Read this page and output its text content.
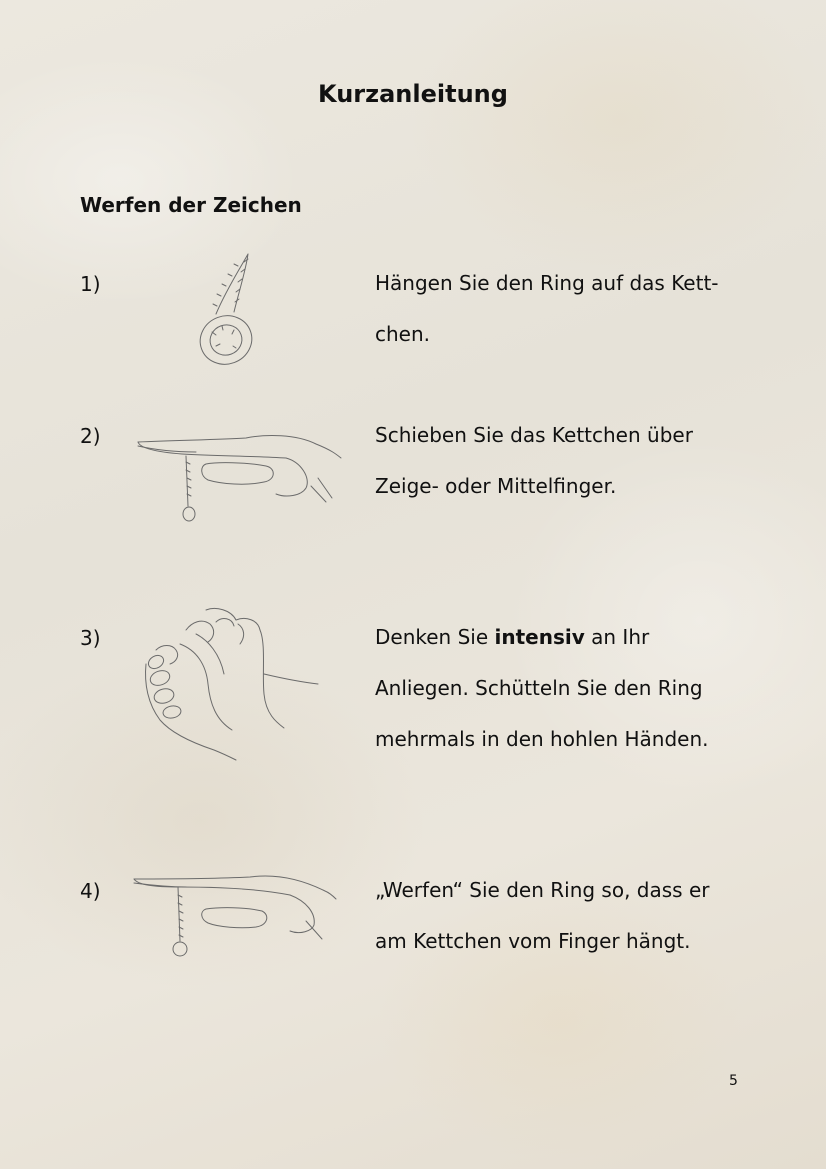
Kurzanleitung
Werfen der Zeichen
1)	Hängen Sie den Ring auf das Kett-
chen.
2)	Schieben Sie das Kettchen über
Zeige- oder Mittelfinger.
3)	Denken Sie intensiv an Ihr
Anliegen. Schütteln Sie den Ring
mehrmals in den hohlen Händen.
4)	„Werfen“ Sie den Ring so, dass er
am Kettchen vom Finger hängt.
5
